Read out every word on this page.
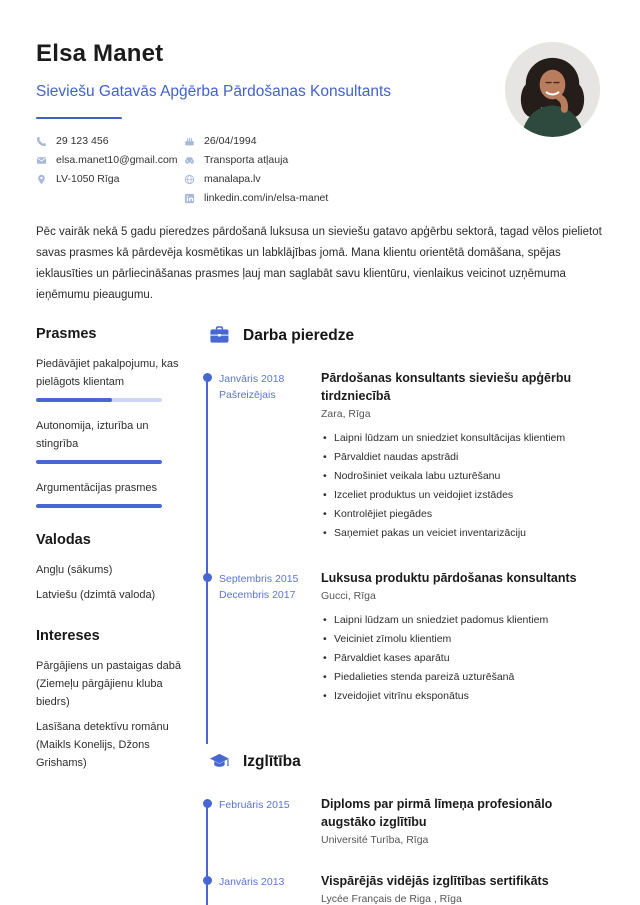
Elsa Manet
Sieviešu Gatavās Apģērba Pārdošanas Konsultants
29 123 456
elsa.manet10@gmail.com
LV-1050 Rīga
26/04/1994
Transporta atļauja
manalapa.lv
linkedin.com/in/elsa-manet

Pēc vairāk nekā 5 gadu pieredzes pārdošanā luksusa un sieviešu gatavo apģērbu sektorā, tagad vēlos pielietot savas prasmes kā pārdevēja kosmētikas un labklājības jomā. Mana klientu orientētā domāšana, spējas ieklausīties un pārliecināšanas prasmes ļauj man saglabāt savu klientūru, vienlaikus veicinot uzņēmuma ieņēmumu pieaugumu.

Prasmes
Piedāvājiet pakalpojumu, kas pielāgots klientam
Autonomija, izturība un stingrība
Argumentācijas prasmes
Valodas
Angļu (sākums)
Latviešu (dzimtā valoda)
Intereses
Pārgājiens un pastaigas dabā (Ziemeļu pārgājienu kluba biedrs)
Lasīšana detektīvu romānu (Maikls Konelijs, Džons Grishams)
Darba pieredze
Janvāris 2018
Pašreizējais
Pārdošanas konsultants sieviešu apģērbu tirdzniecībā
Zara, Rīga
• Laipni lūdzam un sniedziet konsultācijas klientiem
• Pārvaldiet naudas apstrādi
• Nodrošiniet veikala labu uzturēšanu
• Izceliet produktus un veidojiet izstādes
• Kontrolējiet piegādes
• Saņemiet pakas un veiciet inventarizāciju
Septembris 2015
Decembris 2017
Luksusa produktu pārdošanas konsultants
Gucci, Rīga
• Laipni lūdzam un sniedziet padomus klientiem
• Veiciniet zīmolu klientiem
• Pārvaldiet kases aparātu
• Piedalieties stenda pareizā uzturēšanā
• Izveidojiet vitrīnu eksponātus
Izglītība
Februāris 2015	Diploms par pirmā līmeņa profesionālo augstāko izglītību
Université Turība, Rīga
Janvāris 2013	Vispārējās vidējās izglītības sertifikāts
Lycée Français de Riga , Rīga
